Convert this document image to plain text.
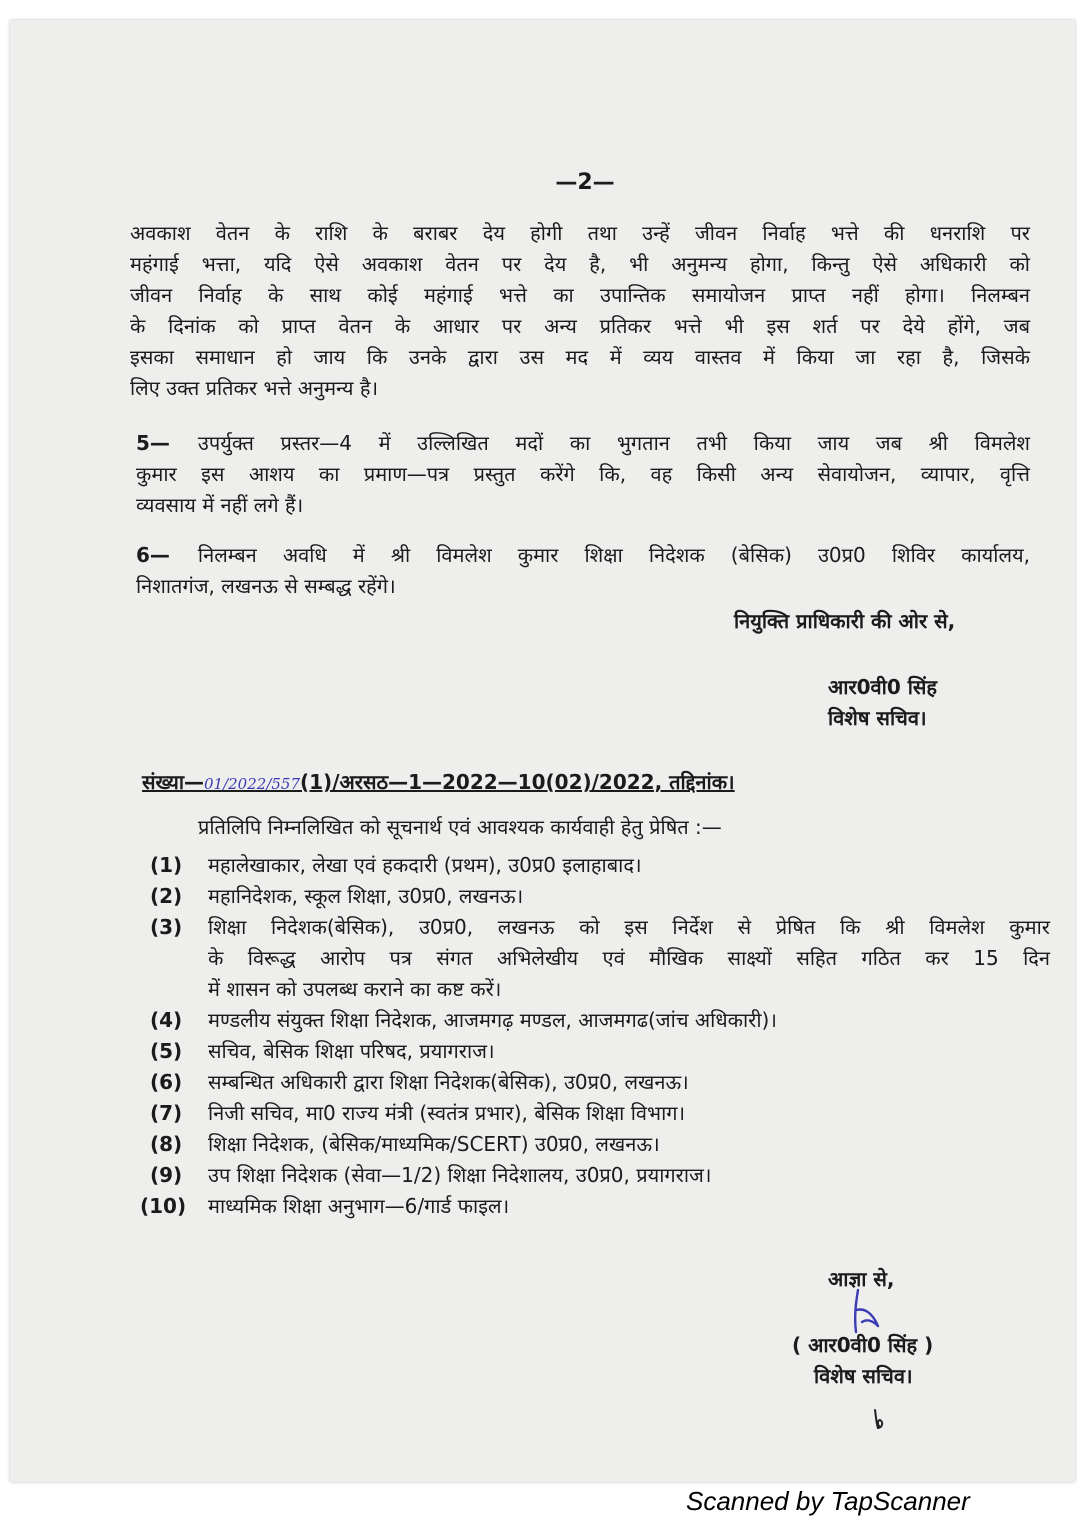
—2—
अवकाश वेतन के राशि के बराबर देय होगी तथा उन्हें जीवन निर्वाह भत्ते की धनराशि पर
महंगाई भत्ता, यदि ऐसे अवकाश वेतन पर देय है, भी अनुमन्य होगा, किन्तु ऐसे अधिकारी को
जीवन निर्वाह के साथ कोई महंगाई भत्ते का उपान्तिक समायोजन प्राप्त नहीं होगा। निलम्बन
के दिनांक को प्राप्त वेतन के आधार पर अन्य प्रतिकर भत्ते भी इस शर्त पर देये होंगे, जब
इसका समाधान हो जाय कि उनके द्वारा उस मद में व्यय वास्तव में किया जा रहा है, जिसके
लिए उक्त प्रतिकर भत्ते अनुमन्य है।
5— उपर्युक्त प्रस्तर—4 में उल्लिखित मदों का भुगतान तभी किया जाय जब श्री विमलेश
कुमार इस आशय का प्रमाण—पत्र प्रस्तुत करेंगे कि, वह किसी अन्य सेवायोजन, व्यापार, वृत्ति
व्यवसाय में नहीं लगे हैं।
6— निलम्बन अवधि में श्री विमलेश कुमार शिक्षा निदेशक (बेसिक) उ0प्र0 शिविर कार्यालय,
निशातगंज, लखनऊ से सम्बद्ध रहेंगे।
नियुक्ति प्राधिकारी की ओर से,
आर0वी0 सिंह
विशेष सचिव।
संख्या—01/2022/557(1)/अरसठ—1—2022—10(02)/2022, तद्दिनांक।
प्रतिलिपि निम्नलिखित को सूचनार्थ एवं आवश्यक कार्यवाही हेतु प्रेषित :—
(1) महालेखाकार, लेखा एवं हकदारी (प्रथम), उ0प्र0 इलाहाबाद।
(2) महानिदेशक, स्कूल शिक्षा, उ0प्र0, लखनऊ।
(3) शिक्षा निदेशक(बेसिक), उ0प्र0, लखनऊ को इस निर्देश से प्रेषित कि श्री विमलेश कुमार
के विरूद्ध आरोप पत्र संगत अभिलेखीय एवं मौखिक साक्ष्यों सहित गठित कर 15 दिन
में शासन को उपलब्ध कराने का कष्ट करें।
(4) मण्डलीय संयुक्त शिक्षा निदेशक, आजमगढ़ मण्डल, आजमगढ(जांच अधिकारी)।
(5) सचिव, बेसिक शिक्षा परिषद, प्रयागराज।
(6) सम्बन्धित अधिकारी द्वारा शिक्षा निदेशक(बेसिक), उ0प्र0, लखनऊ।
(7) निजी सचिव, मा0 राज्य मंत्री (स्वतंत्र प्रभार), बेसिक शिक्षा विभाग।
(8) शिक्षा निदेशक, (बेसिक/माध्यमिक/SCERT) उ0प्र0, लखनऊ।
(9) उप शिक्षा निदेशक (सेवा—1/2) शिक्षा निदेशालय, उ0प्र0, प्रयागराज।
(10) माध्यमिक शिक्षा अनुभाग—6/गार्ड फाइल।
आज्ञा से,
( आर0वी0 सिंह )
विशेष सचिव।
Scanned by TapScanner
